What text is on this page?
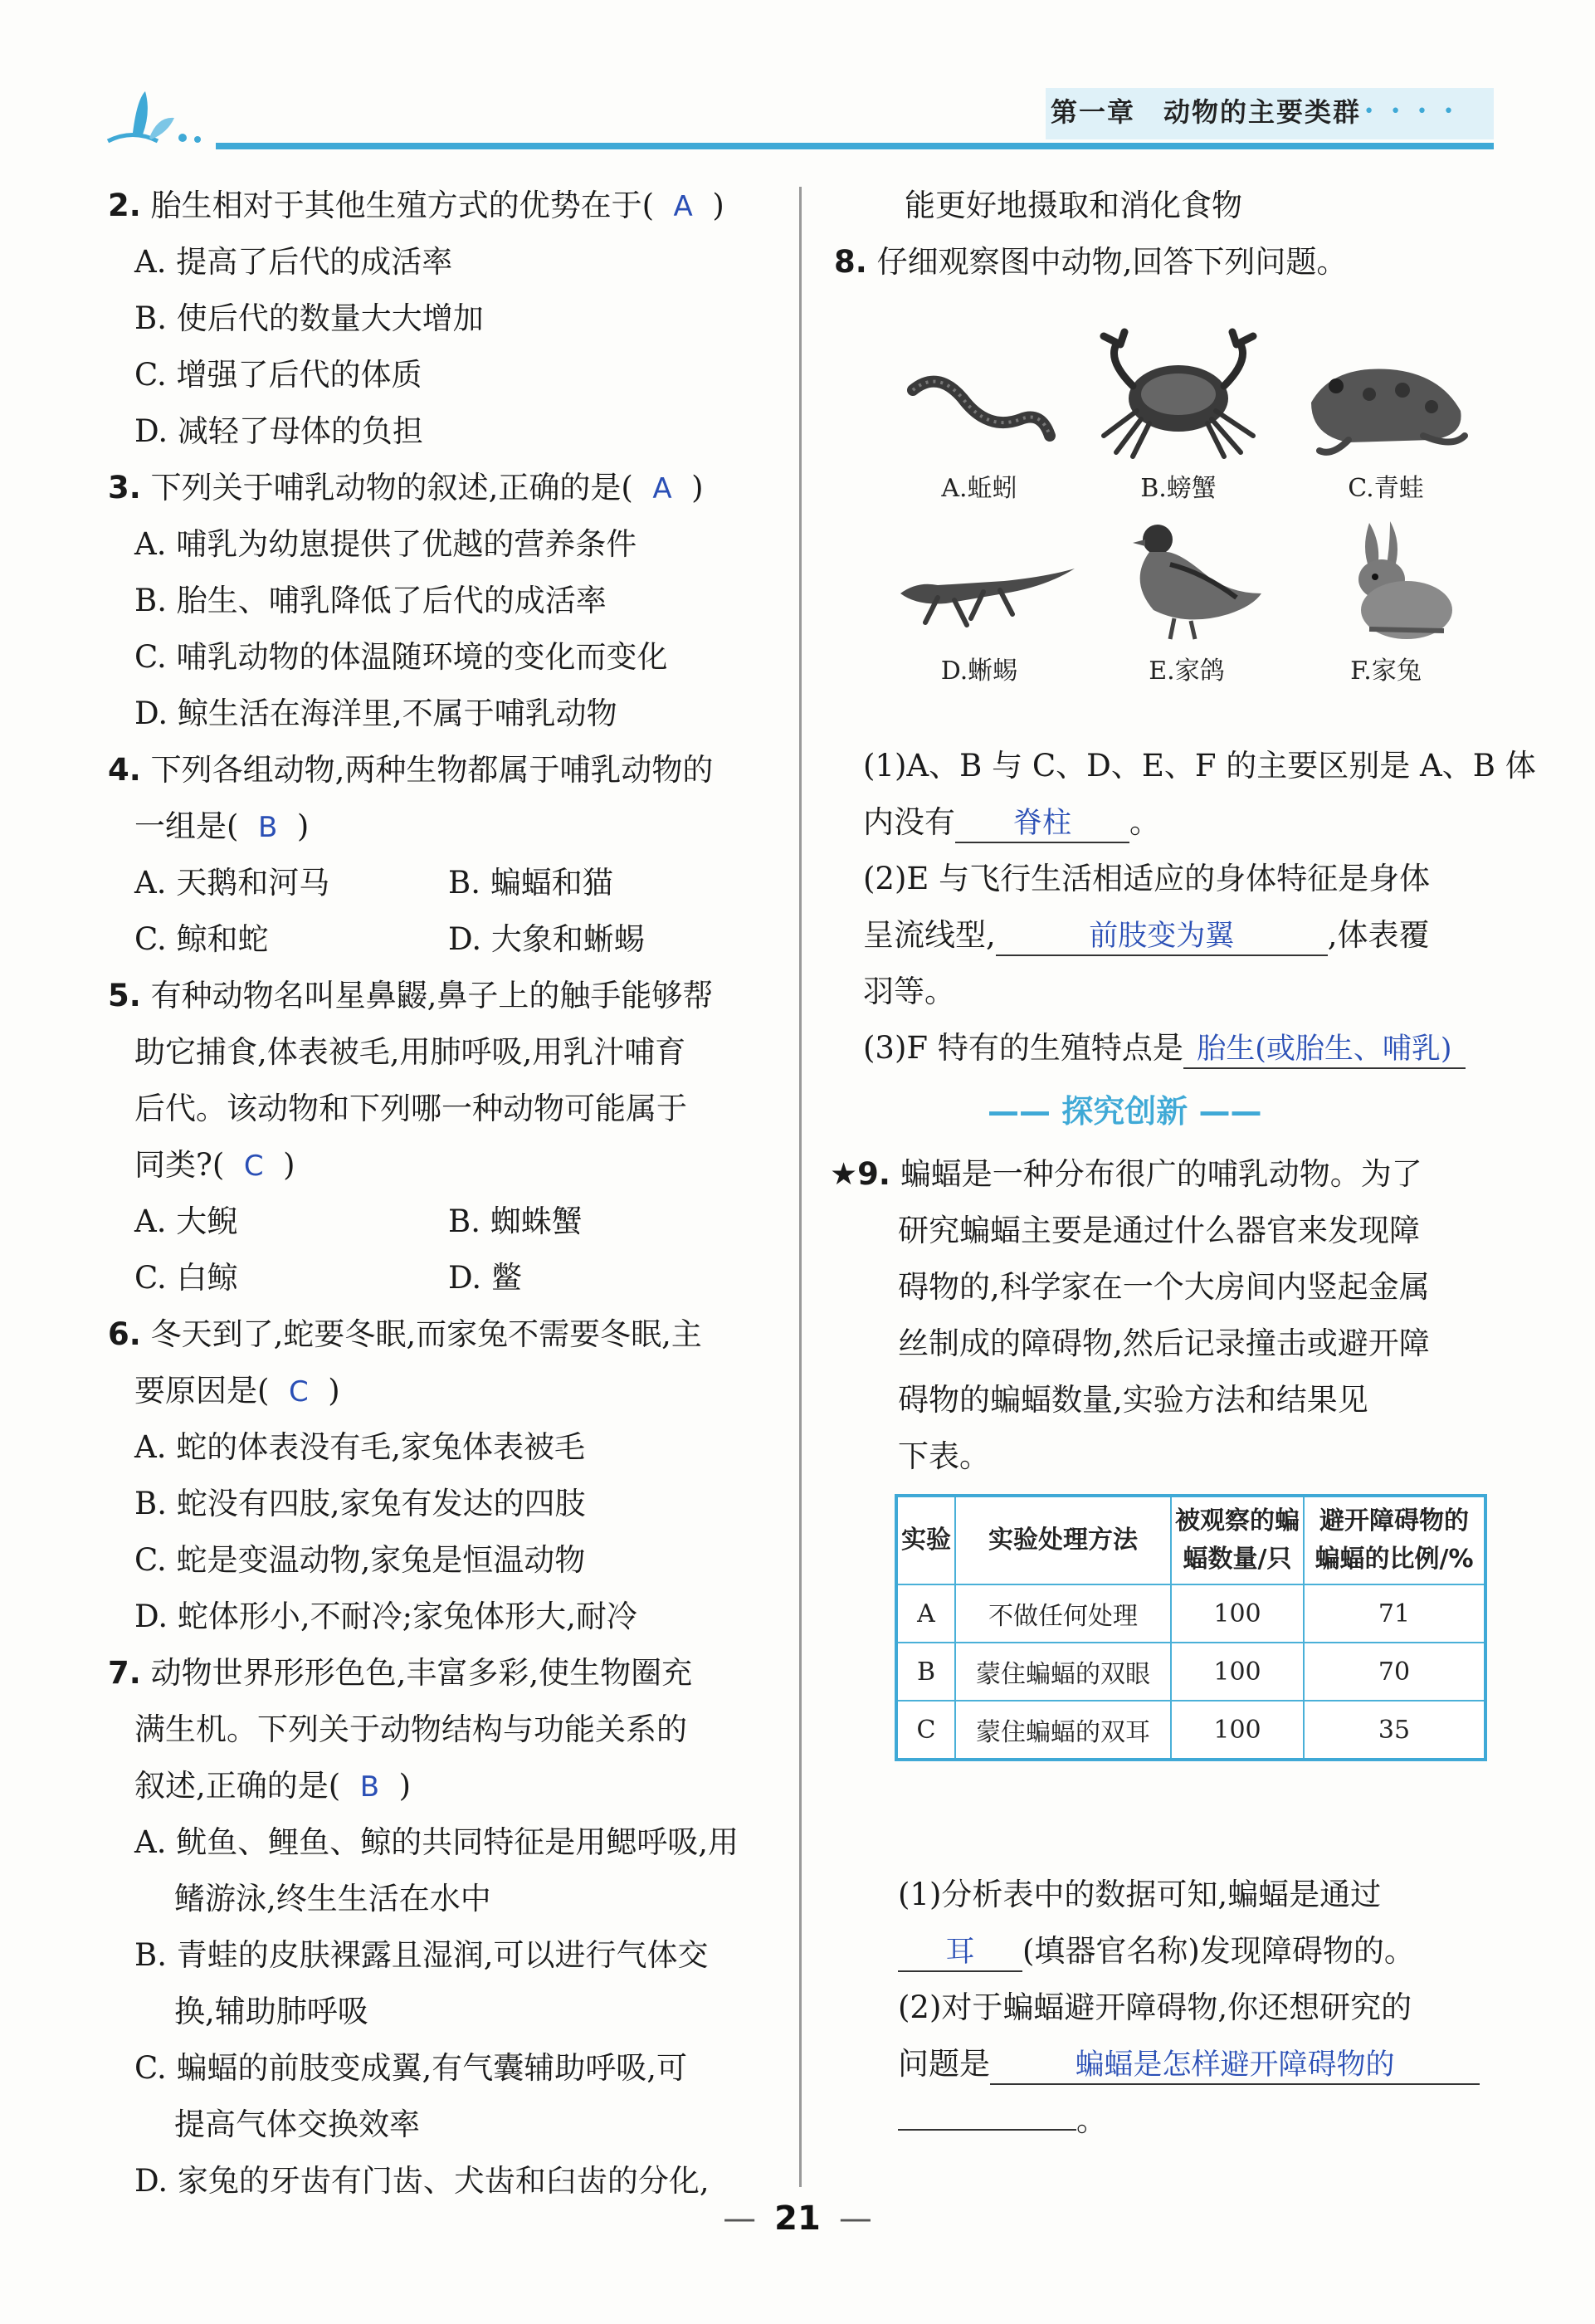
第一章　动物的主要类群 • • • •
2. 胎生相对于其他生殖方式的优势在于( A )
A. 提高了后代的成活率
B. 使后代的数量大大增加
C. 增强了后代的体质
D. 减轻了母体的负担
3. 下列关于哺乳动物的叙述,正确的是( A )
A. 哺乳为幼崽提供了优越的营养条件
B. 胎生、哺乳降低了后代的成活率
C. 哺乳动物的体温随环境的变化而变化
D. 鲸生活在海洋里,不属于哺乳动物
4. 下列各组动物,两种生物都属于哺乳动物的
一组是( B )
A. 天鹅和河马	B. 蝙蝠和猫
C. 鲸和蛇	D. 大象和蜥蜴
5. 有种动物名叫星鼻鼹,鼻子上的触手能够帮
助它捕食,体表被毛,用肺呼吸,用乳汁哺育
后代。该动物和下列哪一种动物可能属于
同类?( C )
A. 大鲵	B. 蜘蛛蟹
C. 白鲸	D. 鳖
6. 冬天到了,蛇要冬眠,而家兔不需要冬眠,主
要原因是( C )
A. 蛇的体表没有毛,家兔体表被毛
B. 蛇没有四肢,家兔有发达的四肢
C. 蛇是变温动物,家兔是恒温动物
D. 蛇体形小,不耐冷;家兔体形大,耐冷
7. 动物世界形形色色,丰富多彩,使生物圈充
满生机。下列关于动物结构与功能关系的
叙述,正确的是( B )
A. 鱿鱼、鲤鱼、鲸的共同特征是用鳃呼吸,用
鳍游泳,终生生活在水中
B. 青蛙的皮肤裸露且湿润,可以进行气体交
换,辅助肺呼吸
C. 蝙蝠的前肢变成翼,有气囊辅助呼吸,可
提高气体交换效率
D. 家兔的牙齿有门齿、犬齿和臼齿的分化,
能更好地摄取和消化食物
8. 仔细观察图中动物,回答下列问题。
A.蚯蚓	B.螃蟹	C.青蛙
D.蜥蜴	E.家鸽	F.家兔
(1)A、B 与 C、D、E、F 的主要区别是 A、B 体
内没有 脊柱 。
(2)E 与飞行生活相适应的身体特征是身体
呈流线型,	前肢变为翼	,体表覆
羽等。
(3)F 特有的生殖特点是 胎生(或胎生、哺乳)
—— 探究创新 ——
★9. 蝙蝠是一种分布很广的哺乳动物。为了
研究蝙蝠主要是通过什么器官来发现障
碍物的,科学家在一个大房间内竖起金属
丝制成的障碍物,然后记录撞击或避开障
碍物的蝙蝠数量,实验方法和结果见
下表。
实验	实验处理方法	被观察的蝙蝠数量/只	避开障碍物的蝙蝠的比例/%
A	不做任何处理	100	71
B	蒙住蝙蝠的双眼	100	70
C	蒙住蝙蝠的双耳	100	35
(1)分析表中的数据可知,蝙蝠是通过
耳 (填器官名称)发现障碍物的。
(2)对于蝙蝠避开障碍物,你还想研究的
问题是	蝙蝠是怎样避开障碍物的
。
— 21 —
